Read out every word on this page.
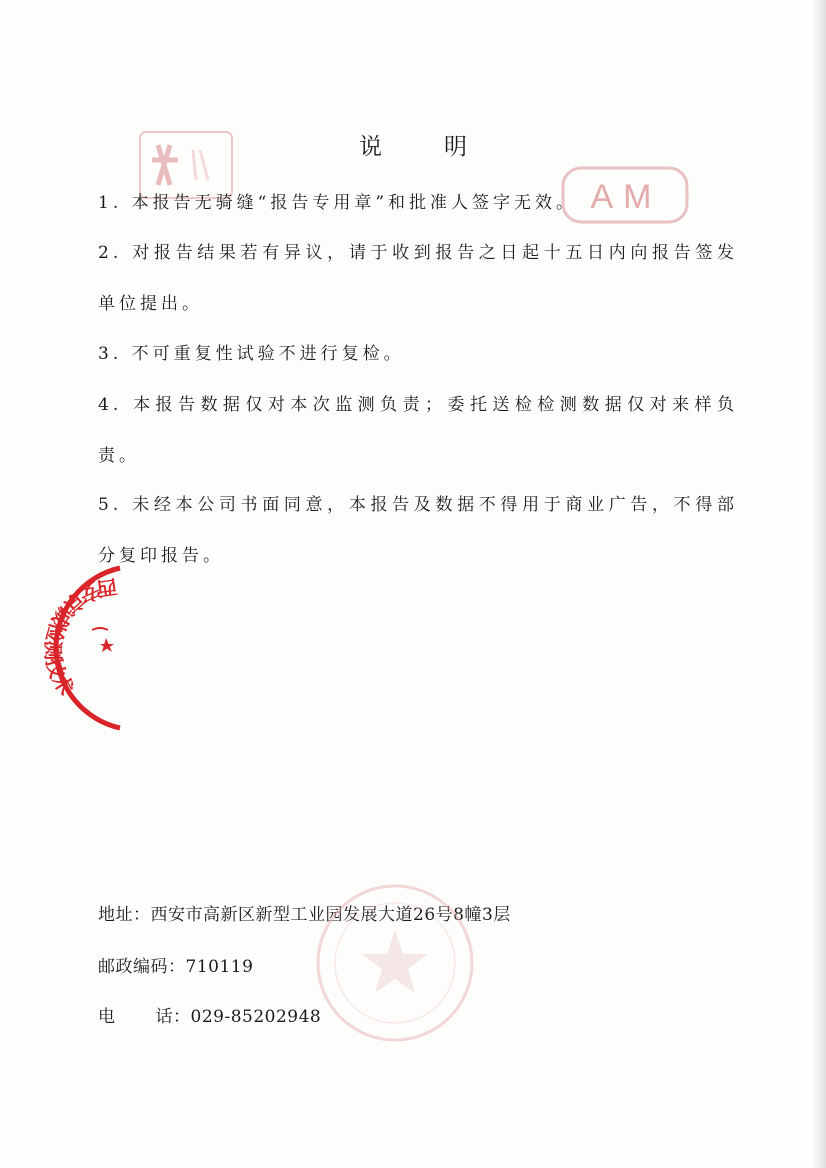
AM
说	明
1. 本报告无骑缝“报告专用章”和批准人签字无效。
2. 对报告结果若有异议，请于收到报告之日起十五日内向报告签发单位提出。
3. 不可重复性试验不进行复检。
4. 本报告数据仅对本次监测负责；委托送检检测数据仅对来样负责。
5. 未经本公司书面同意，本报告及数据不得用于商业广告，不得部分复印报告。
西安京诚检测技术
地址：西安市高新区新型工业园发展大道26号8幢3层
邮政编码：710119
电 话：029-85202948
